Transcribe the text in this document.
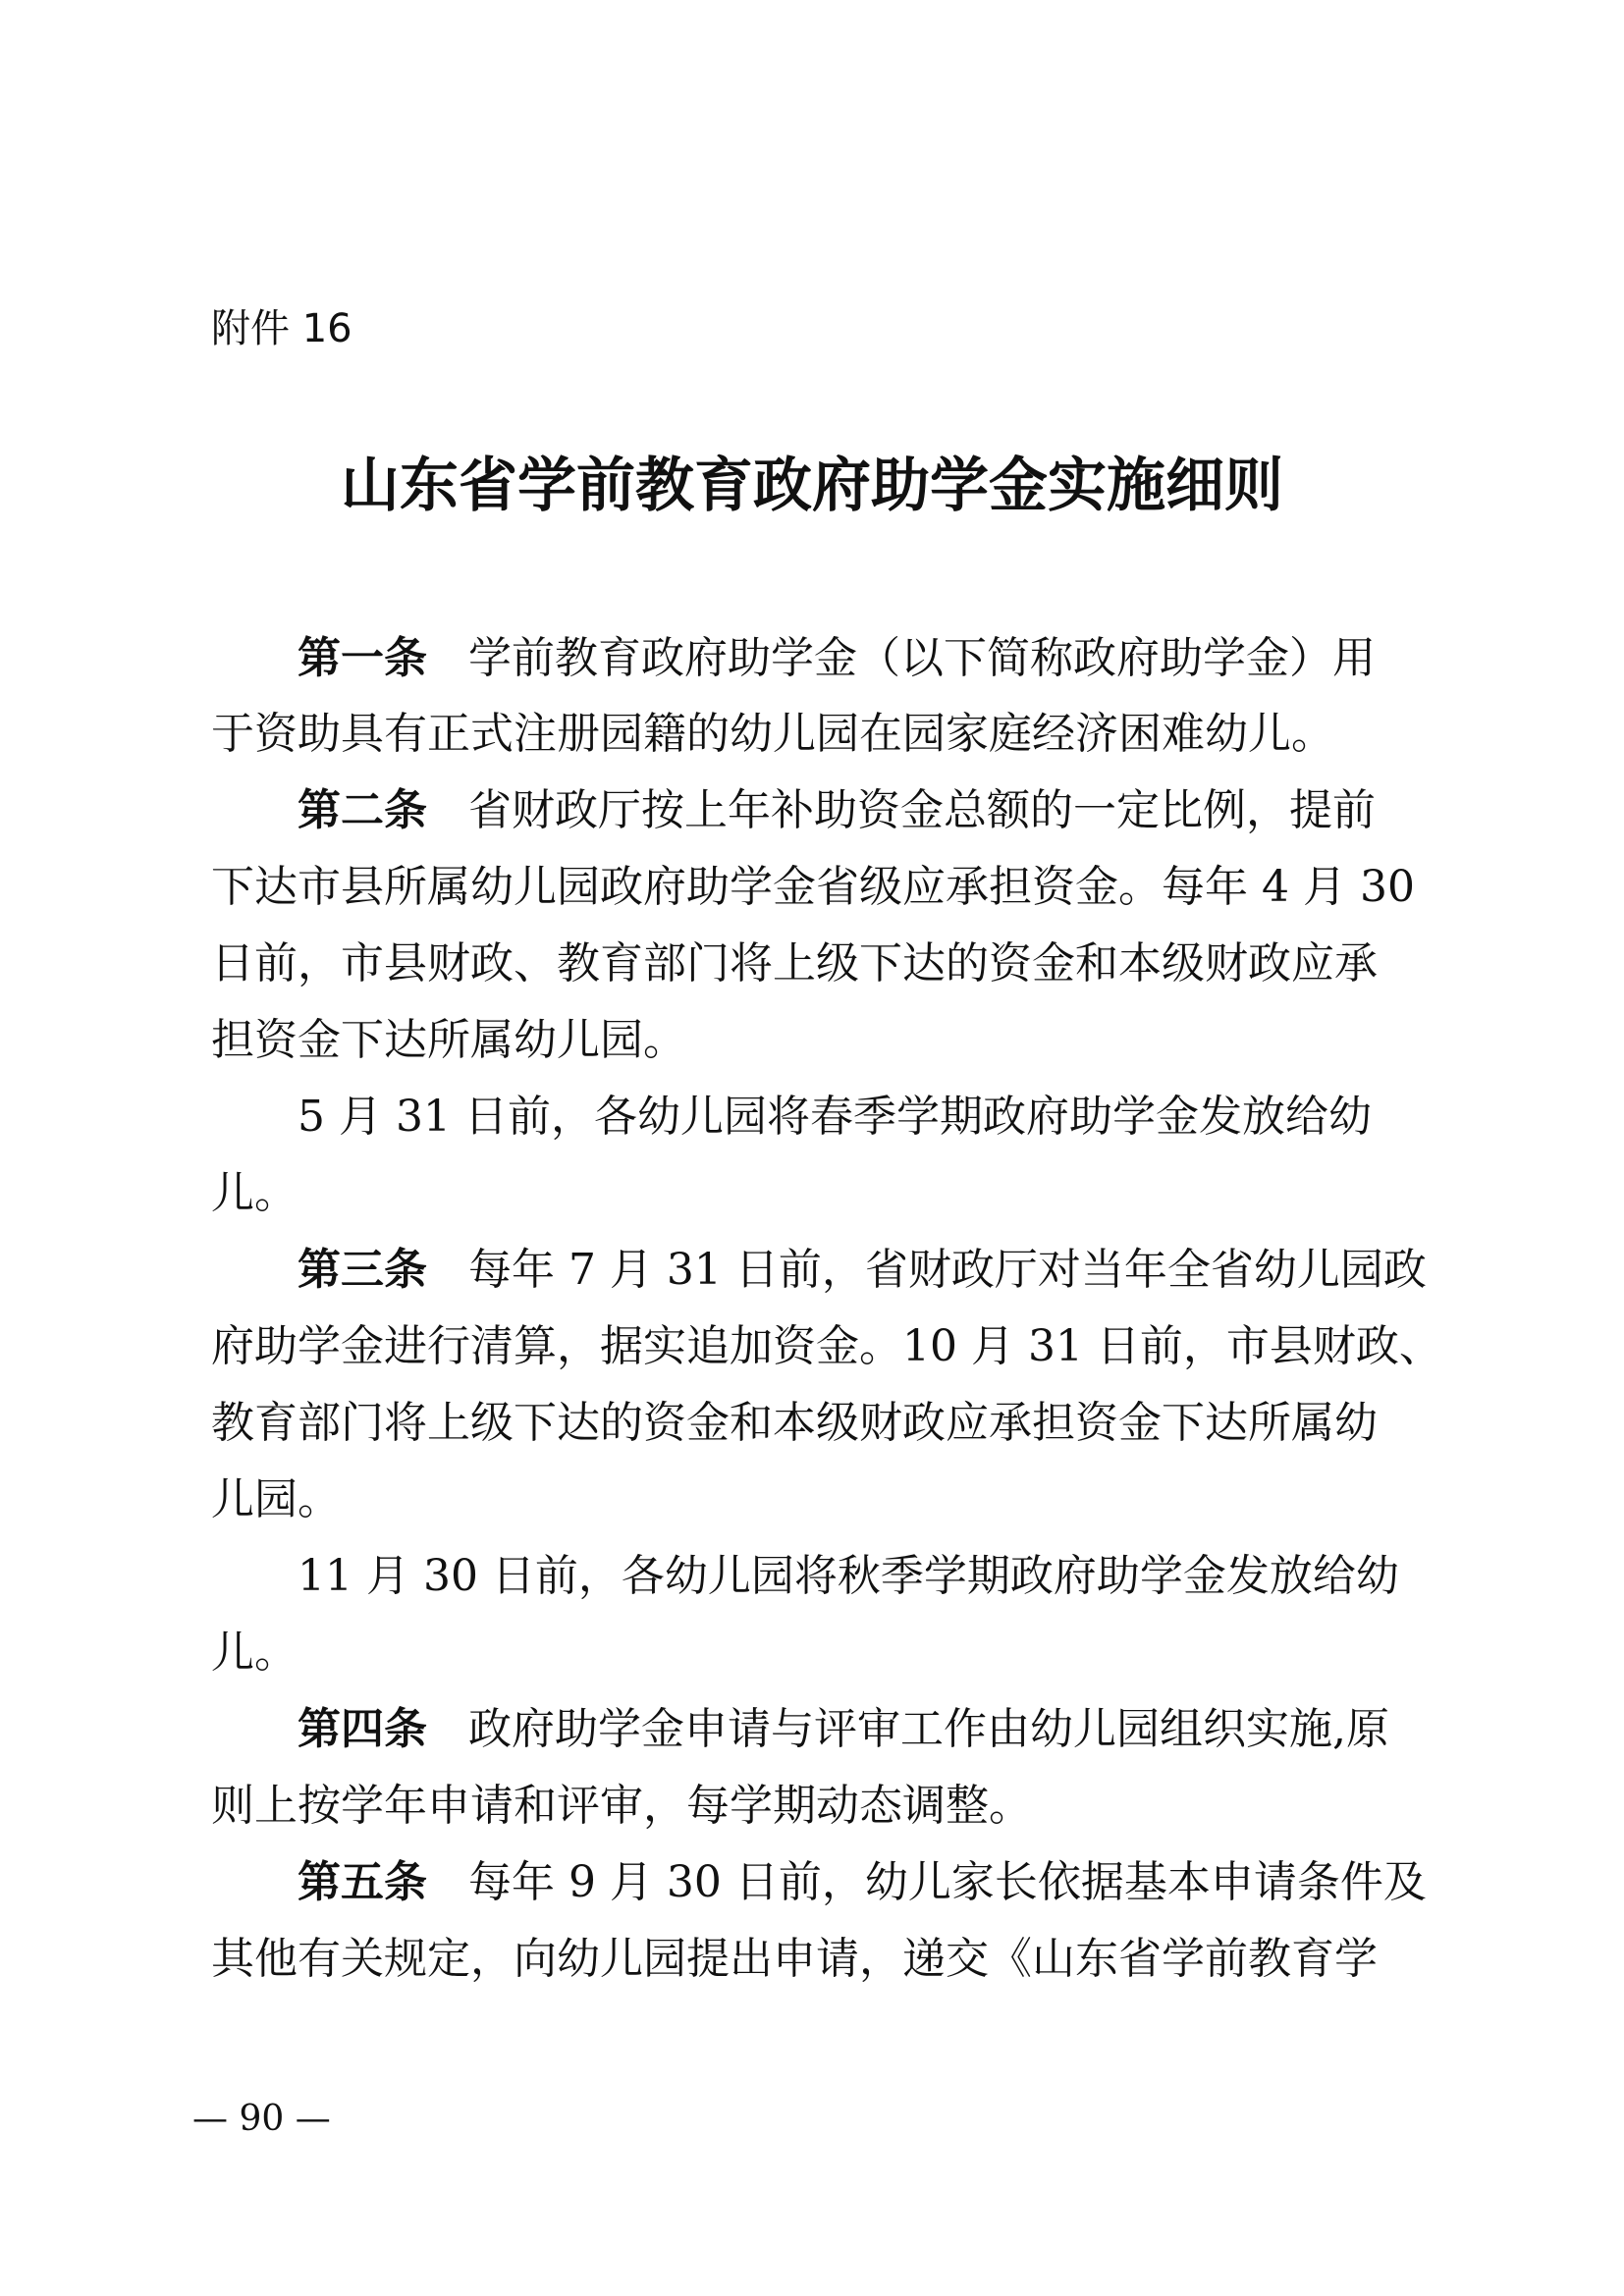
附件 16
山东省学前教育政府助学金实施细则
第一条 学前教育政府助学金（以下简称政府助学金）用
于资助具有正式注册园籍的幼儿园在园家庭经济困难幼儿。
第二条 省财政厅按上年补助资金总额的一定比例，提前
下达市县所属幼儿园政府助学金省级应承担资金。每年 4 月 30
日前，市县财政、教育部门将上级下达的资金和本级财政应承
担资金下达所属幼儿园。
5 月 31 日前，各幼儿园将春季学期政府助学金发放给幼
儿。
第三条 每年 7 月 31 日前，省财政厅对当年全省幼儿园政
府助学金进行清算，据实追加资金。10 月 31 日前，市县财政、
教育部门将上级下达的资金和本级财政应承担资金下达所属幼
儿园。
11 月 30 日前，各幼儿园将秋季学期政府助学金发放给幼
儿。
第四条 政府助学金申请与评审工作由幼儿园组织实施,原
则上按学年申请和评审，每学期动态调整。
第五条 每年 9 月 30 日前，幼儿家长依据基本申请条件及
其他有关规定，向幼儿园提出申请，递交《山东省学前教育学
— 90 —
